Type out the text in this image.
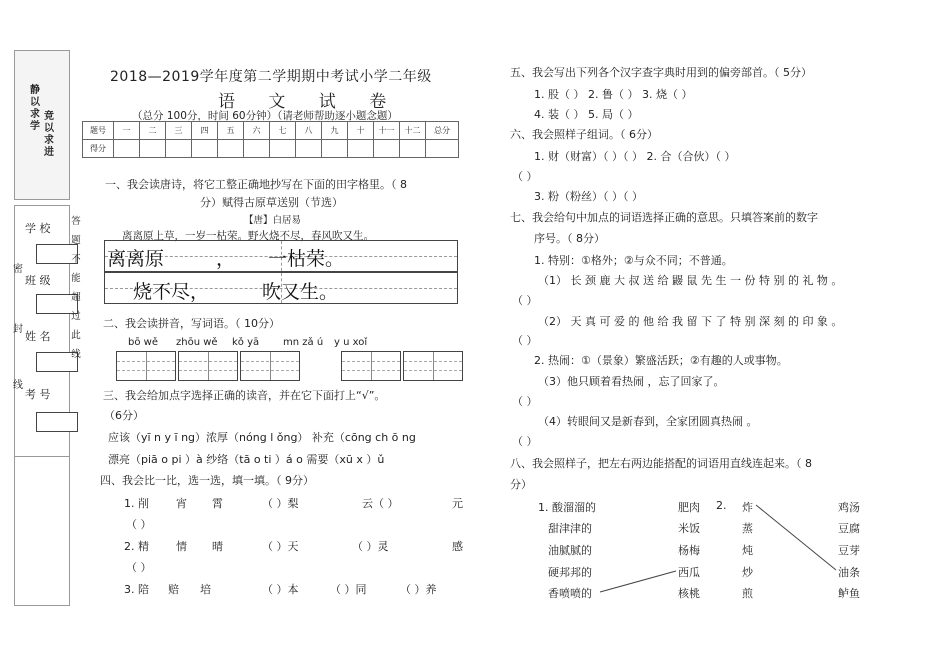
静以求学
竞以求进
学 校
班 级
姓 名
考 号
密
封
线
答题不能超过此线
2018—2019学年度第二学期期中考试小学二年级
语 文 试 卷
（总分 100分，时间 60分钟）（请老师帮助逐小题念题）
题号	一	二	三	四	五	六	七	八	九	十	十一	十二	总分
得分													
一、我会读唐诗，将它工整正确地抄写在下面的田字格里。（ 8
分）赋得古原草送别（节选）
【唐】白居易
离离原上草，一岁一枯荣。野火烧不尽，春风吹又生。
离离原	， 一枯荣。
烧不尽，	吹又生。
二、我会读拼音，写词语。（ 10分）
bō wě zhōu wě kǒ yā mn zǎ ú y u xoǐ
三、我会给加点字选择正确的读音，并在它下面打上“√”。
（6分）
应该（yī n y ī ng）浓厚（nóng l ǒng） 补充（cōng ch ō ng
漂亮（piā o pi ）à 纱络（tā o ti ）á o 需要（xū x ）ǔ
四、我会比一比，选一选，填一填。（ 9分）
1. 削 宵 霄	（ ）梨	云（ ）	元
（ ）
2. 精 情 晴	（ ）天	（ ）灵	感
（ ）
3. 陪 赔 培	（ ）本	（ ）同	（ ）养
五、我会写出下列各个汉字查字典时用到的偏旁部首。（ 5分）
1. 股（ ） 2. 鲁（ ） 3. 烧（ ）
4. 装（ ） 5. 局（ ）
六、我会照样子组词。（ 6分）
1. 财（财富）（ ）（ ） 2. 合（合伙）（ ）
（ ）
3. 粉（粉丝）（ ）（ ）
七、我会给句中加点的词语选择正确的意思。只填答案前的数字
序号。（ 8分）
1. 特别：①格外；②与众不同；不普通。
（1） 长 颈 鹿 大 叔 送 给 鼹 鼠 先 生 一 份 特 别 的 礼 物 。
（ ）
（2） 天 真 可 爱 的 他 给 我 留 下 了 特 别 深 刻 的 印 象 。
（ ）
2. 热闹：①（景象）繁盛活跃；②有趣的人或事物。
（3）他只顾着看热闹 ，忘了回家了。
（ ）
（4）转眼间又是新春到，全家团圆真热闹 。
（ ）
八、我会照样子，把左右两边能搭配的词语用直线连起来。（ 8
分）
1. 酸溜溜的
甜津津的
油腻腻的
硬邦邦的
香喷喷的
肥肉
米饭
杨梅
西瓜
核桃
2. 炸
蒸
炖
炒
煎
鸡汤
豆腐
豆芽
油条
鲈鱼
